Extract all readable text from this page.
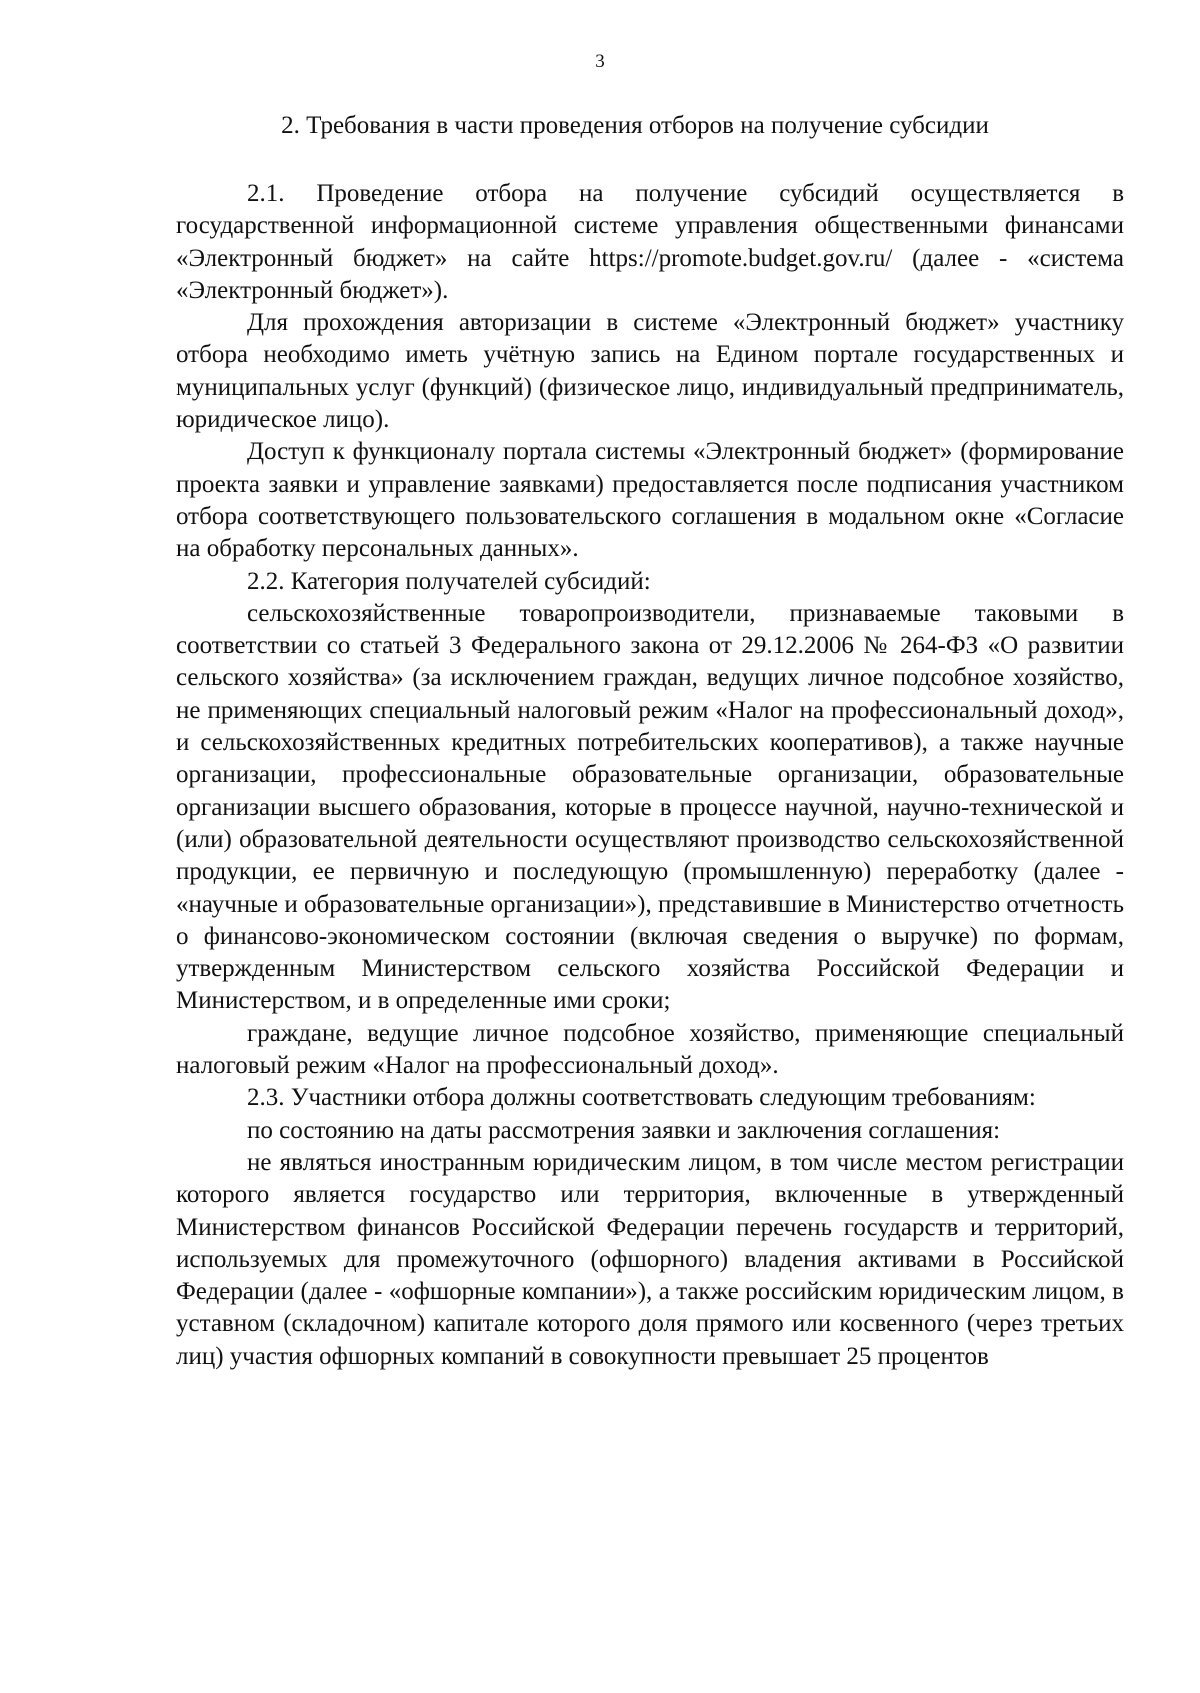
3
2. Требования в части проведения отборов на получение субсидии

2.1. Проведение отбора на получение субсидий осуществляется в государственной информационной системе управления общественными финансами «Электронный бюджет» на сайте https://promote.budget.gov.ru/ (далее - «система «Электронный бюджет»).

Для прохождения авторизации в системе «Электронный бюджет» участнику отбора необходимо иметь учётную запись на Едином портале государственных и муниципальных услуг (функций) (физическое лицо, индивидуальный предприниматель, юридическое лицо).

Доступ к функционалу портала системы «Электронный бюджет» (формирование проекта заявки и управление заявками) предоставляется после подписания участником отбора соответствующего пользовательского соглашения в модальном окне «Согласие на обработку персональных данных».

2.2. Категория получателей субсидий:

сельскохозяйственные товаропроизводители, признаваемые таковыми в соответствии со статьей 3 Федерального закона от 29.12.2006 № 264-ФЗ «О развитии сельского хозяйства» (за исключением граждан, ведущих личное подсобное хозяйство, не применяющих специальный налоговый режим «Налог на профессиональный доход», и сельскохозяйственных кредитных потребительских кооперативов), а также научные организации, профессиональные образовательные организации, образовательные организации высшего образования, которые в процессе научной, научно-технической и (или) образовательной деятельности осуществляют производство сельскохозяйственной продукции, ее первичную и последующую (промышленную) переработку (далее - «научные и образовательные организации»), представившие в Министерство отчетность о финансово-экономическом состоянии (включая сведения о выручке) по формам, утвержденным Министерством сельского хозяйства Российской Федерации и Министерством, и в определенные ими сроки;

граждане, ведущие личное подсобное хозяйство, применяющие специальный налоговый режим «Налог на профессиональный доход».

2.3. Участники отбора должны соответствовать следующим требованиям:

по состоянию на даты рассмотрения заявки и заключения соглашения:

не являться иностранным юридическим лицом, в том числе местом регистрации которого является государство или территория, включенные в утвержденный Министерством финансов Российской Федерации перечень государств и территорий, используемых для промежуточного (офшорного) владения активами в Российской Федерации (далее - «офшорные компании»), а также российским юридическим лицом, в уставном (складочном) капитале которого доля прямого или косвенного (через третьих лиц) участия офшорных компаний в совокупности превышает 25 процентов
